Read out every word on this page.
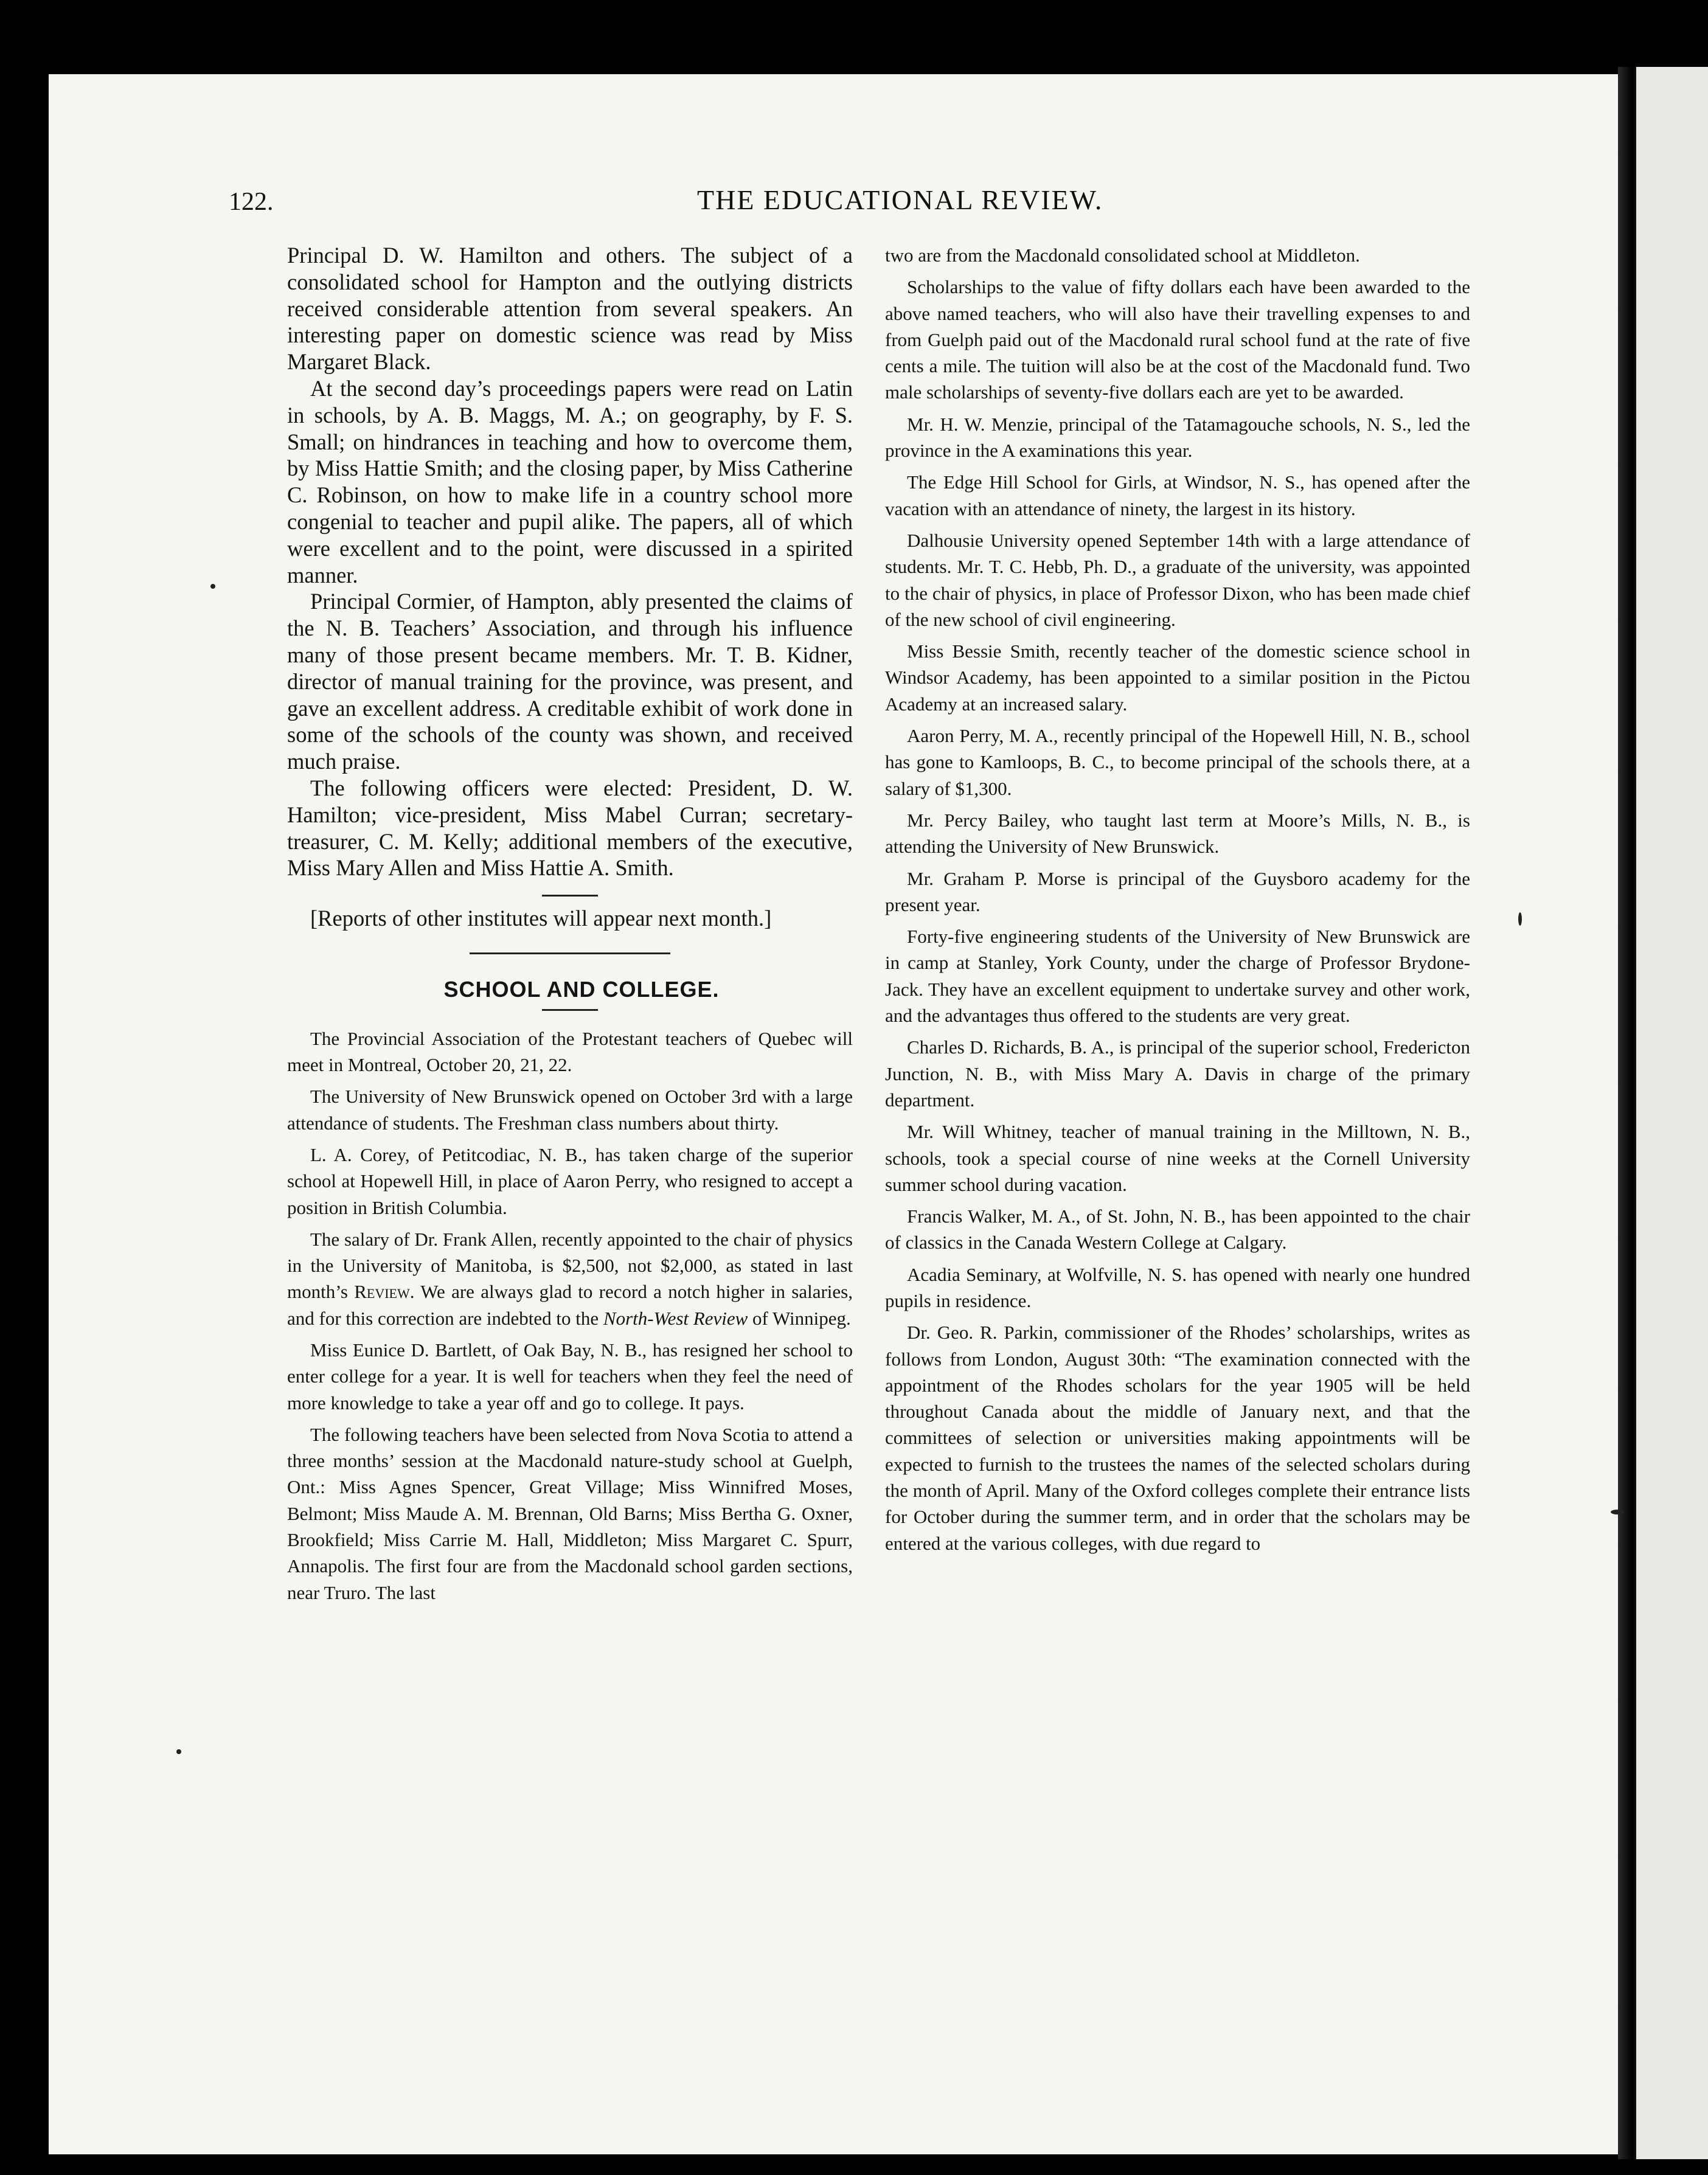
122.	THE EDUCATIONAL REVIEW.

Principal D. W. Hamilton and others. The subject of a consolidated school for Hampton and the outlying districts received considerable attention from several speakers. An interesting paper on domestic science was read by Miss Margaret Black.

At the second day’s proceedings papers were read on Latin in schools, by A. B. Maggs, M. A.; on geography, by F. S. Small; on hindrances in teaching and how to overcome them, by Miss Hattie Smith; and the closing paper, by Miss Catherine C. Robinson, on how to make life in a country school more congenial to teacher and pupil alike. The papers, all of which were excellent and to the point, were discussed in a spirited manner.

Principal Cormier, of Hampton, ably presented the claims of the N. B. Teachers’ Association, and through his influence many of those present became members. Mr. T. B. Kidner, director of manual training for the province, was present, and gave an excellent address. A creditable exhibit of work done in some of the schools of the county was shown, and received much praise.

The following officers were elected: President, D. W. Hamilton; vice-president, Miss Mabel Curran; secretary-treasurer, C. M. Kelly; additional members of the executive, Miss Mary Allen and Miss Hattie A. Smith.

[Reports of other institutes will appear next month.]

SCHOOL AND COLLEGE.

The Provincial Association of the Protestant teachers of Quebec will meet in Montreal, October 20, 21, 22.

The University of New Brunswick opened on October 3rd with a large attendance of students. The Freshman class numbers about thirty.

L. A. Corey, of Petitcodiac, N. B., has taken charge of the superior school at Hopewell Hill, in place of Aaron Perry, who resigned to accept a position in British Columbia.

The salary of Dr. Frank Allen, recently appointed to the chair of physics in the University of Manitoba, is $2,500, not $2,000, as stated in last month’s Review. We are always glad to record a notch higher in salaries, and for this correction are indebted to the North-West Review of Winnipeg.

Miss Eunice D. Bartlett, of Oak Bay, N. B., has resigned her school to enter college for a year. It is well for teachers when they feel the need of more knowledge to take a year off and go to college. It pays.

The following teachers have been selected from Nova Scotia to attend a three months’ session at the Macdonald nature-study school at Guelph, Ont.: Miss Agnes Spencer, Great Village; Miss Winnifred Moses, Belmont; Miss Maude A. M. Brennan, Old Barns; Miss Bertha G. Oxner, Brookfield; Miss Carrie M. Hall, Middleton; Miss Margaret C. Spurr, Annapolis. The first four are from the Macdonald school garden sections, near Truro. The last

two are from the Macdonald consolidated school at Middleton.

Scholarships to the value of fifty dollars each have been awarded to the above named teachers, who will also have their travelling expenses to and from Guelph paid out of the Macdonald rural school fund at the rate of five cents a mile. The tuition will also be at the cost of the Macdonald fund. Two male scholarships of seventy-five dollars each are yet to be awarded.

Mr. H. W. Menzie, principal of the Tatamagouche schools, N. S., led the province in the A examinations this year.

The Edge Hill School for Girls, at Windsor, N. S., has opened after the vacation with an attendance of ninety, the largest in its history.

Dalhousie University opened September 14th with a large attendance of students. Mr. T. C. Hebb, Ph. D., a graduate of the university, was appointed to the chair of physics, in place of Professor Dixon, who has been made chief of the new school of civil engineering.

Miss Bessie Smith, recently teacher of the domestic science school in Windsor Academy, has been appointed to a similar position in the Pictou Academy at an increased salary.

Aaron Perry, M. A., recently principal of the Hopewell Hill, N. B., school has gone to Kamloops, B. C., to become principal of the schools there, at a salary of $1,300.

Mr. Percy Bailey, who taught last term at Moore’s Mills, N. B., is attending the University of New Brunswick.

Mr. Graham P. Morse is principal of the Guysboro academy for the present year.

Forty-five engineering students of the University of New Brunswick are in camp at Stanley, York County, under the charge of Professor Brydone-Jack. They have an excellent equipment to undertake survey and other work, and the advantages thus offered to the students are very great.

Charles D. Richards, B. A., is principal of the superior school, Fredericton Junction, N. B., with Miss Mary A. Davis in charge of the primary department.

Mr. Will Whitney, teacher of manual training in the Milltown, N. B., schools, took a special course of nine weeks at the Cornell University summer school during vacation.

Francis Walker, M. A., of St. John, N. B., has been appointed to the chair of classics in the Canada Western College at Calgary.

Acadia Seminary, at Wolfville, N. S. has opened with nearly one hundred pupils in residence.

Dr. Geo. R. Parkin, commissioner of the Rhodes’ scholarships, writes as follows from London, August 30th: “The examination connected with the appointment of the Rhodes scholars for the year 1905 will be held throughout Canada about the middle of January next, and that the committees of selection or universities making appointments will be expected to furnish to the trustees the names of the selected scholars during the month of April. Many of the Oxford colleges complete their entrance lists for October during the summer term, and in order that the scholars may be entered at the various colleges, with due regard to
